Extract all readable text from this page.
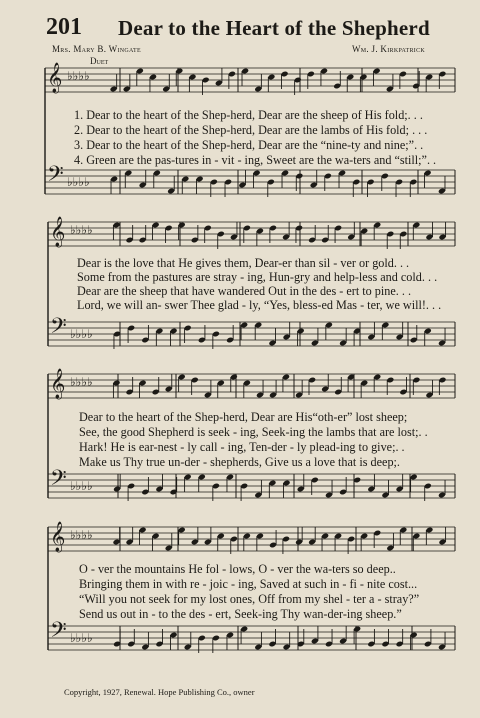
201 Dear to the Heart of the Shepherd
Mrs. Mary B. Wingate	Wm. J. Kirkpatrick
Duet
𝄞
𝄢
♭♭♭♭
♭♭♭♭
𝄞
𝄢
♭♭♭♭
♭♭♭♭
𝄞
𝄢
♭♭♭♭
♭♭♭♭
𝄞
𝄢
♭♭♭♭
♭♭♭♭
1. Dear to the heart of the Shep-herd, Dear are the sheep of His fold;. . .
2. Dear to the heart of the Shep-herd, Dear are the lambs of His fold; . . .
3. Dear to the heart of the Shep-herd, Dear are the “nine-ty and nine;”. .
4. Green are the pas-tures in - vit - ing, Sweet are the wa-ters and “still;”. .
Dear is the love that He gives them, Dear-er than sil - ver or gold. . .
Some from the pastures are stray - ing, Hun-gry and help-less and cold. . .
Dear are the sheep that have wandered Out in the des - ert to pine. . .
Lord, we will an- swer Thee glad - ly, “Yes, bless-ed Mas - ter, we will!. . .
Dear to the heart of the Shep-herd, Dear are His“oth-er” lost sheep;
See, the good Shepherd is seek - ing, Seek-ing the lambs that are lost;. .
Hark! He is ear-nest - ly call - ing, Ten-der - ly plead-ing to give;. .
Make us Thy true un-der - shepherds, Give us a love that is deep;.
O - ver the mountains He fol - lows, O - ver the wa-ters so deep..
Bringing them in with re - joic - ing, Saved at such in - fi - nite cost...
“Will you not seek for my lost ones, Off from my shel - ter a - stray?”
Send us out in - to the des - ert, Seek-ing Thy wan-der-ing sheep.”
Copyright, 1927, Renewal. Hope Publishing Co., owner
